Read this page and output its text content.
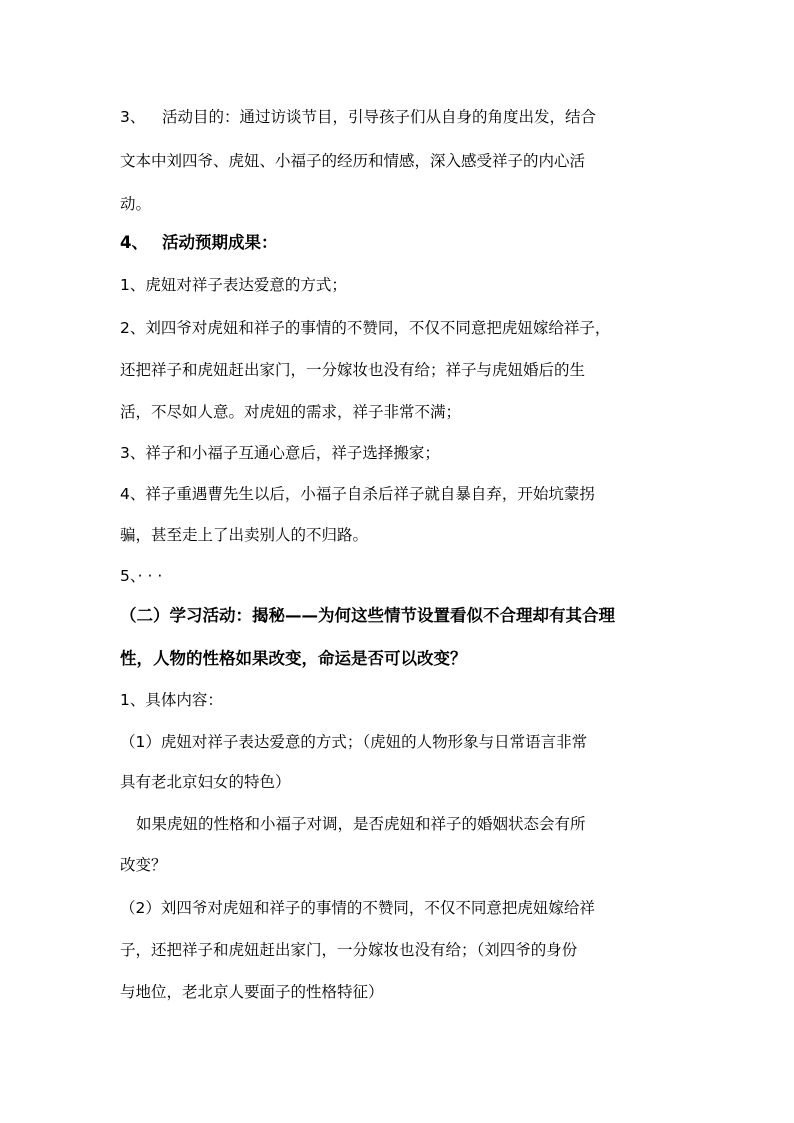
3、 活动目的：通过访谈节目，引导孩子们从自身的角度出发，结合
文本中刘四爷、虎妞、小福子的经历和情感，深入感受祥子的内心活
动。
4、 活动预期成果：
1、虎妞对祥子表达爱意的方式；
2、刘四爷对虎妞和祥子的事情的不赞同，不仅不同意把虎妞嫁给祥子，
还把祥子和虎妞赶出家门，一分嫁妆也没有给；祥子与虎妞婚后的生
活，不尽如人意。对虎妞的需求，祥子非常不满；
3、祥子和小福子互通心意后，祥子选择搬家；
4、祥子重遇曹先生以后，小福子自杀后祥子就自暴自弃，开始坑蒙拐
骗，甚至走上了出卖别人的不归路。
5、· · ·
（二）学习活动：揭秘——为何这些情节设置看似不合理却有其合理
性，人物的性格如果改变，命运是否可以改变？
1、具体内容：
（1）虎妞对祥子表达爱意的方式；（虎妞的人物形象与日常语言非常
具有老北京妇女的特色）
如果虎妞的性格和小福子对调，是否虎妞和祥子的婚姻状态会有所
改变？
（2）刘四爷对虎妞和祥子的事情的不赞同，不仅不同意把虎妞嫁给祥
子，还把祥子和虎妞赶出家门，一分嫁妆也没有给；（刘四爷的身份
与地位，老北京人要面子的性格特征）
